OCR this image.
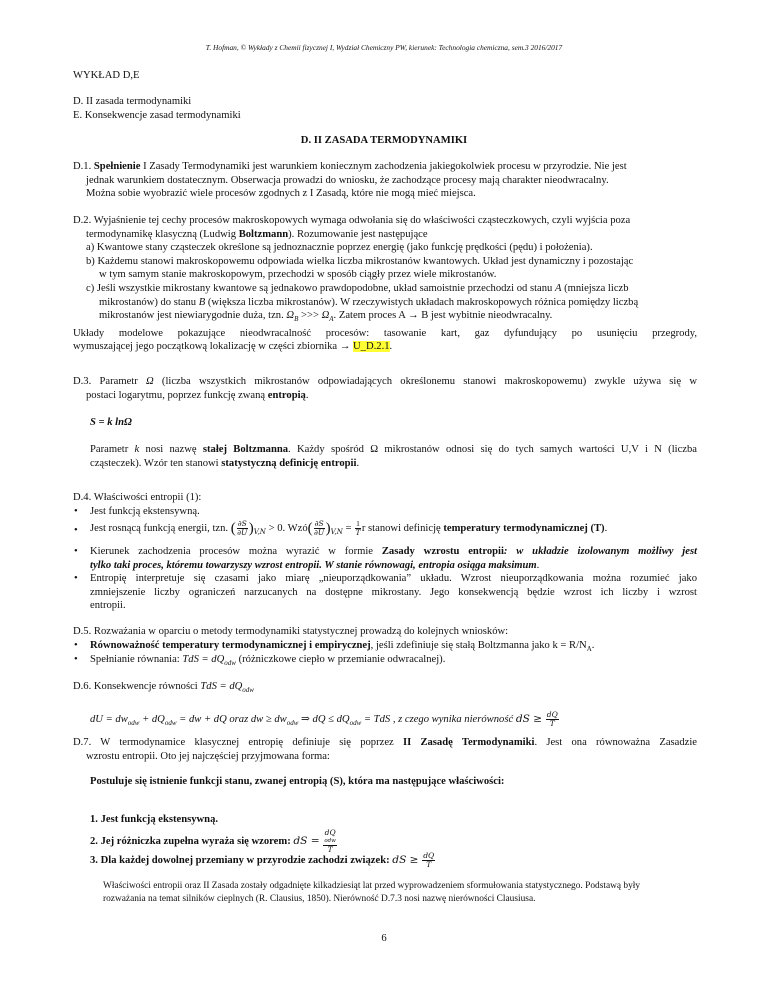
T. Hofman, © Wykłady z Chemii fizycznej I, Wydział Chemiczny PW, kierunek: Technologia chemiczna, sem.3 2016/2017
WYKŁAD D,E
D. II zasada termodynamiki
E. Konsekwencje zasad termodynamiki
D. II ZASADA TERMODYNAMIKI
D.1. Spełnienie I Zasady Termodynamiki jest warunkiem koniecznym zachodzenia jakiegokolwiek procesu w przyrodzie. Nie jest
jednak warunkiem dostatecznym. Obserwacja prowadzi do wniosku, że zachodzące procesy mają charakter nieodwracalny.
Można sobie wyobrazić wiele procesów zgodnych z I Zasadą, które nie mogą mieć miejsca.
D.2. Wyjaśnienie tej cechy procesów makroskopowych wymaga odwołania się do właściwości cząsteczkowych, czyli wyjścia poza
termodynamikę klasyczną (Ludwig Boltzmann). Rozumowanie jest następujące
a) Kwantowe stany cząsteczek określone są jednoznacznie poprzez energię (jako funkcję prędkości (pędu) i położenia).
b) Każdemu stanowi makroskopowemu odpowiada wielka liczba mikrostanów kwantowych. Układ jest dynamiczny i pozostając
w tym samym stanie makroskopowym, przechodzi w sposób ciągły przez wiele mikrostanów.
c) Jeśli wszystkie mikrostany kwantowe są jednakowo prawdopodobne, układ samoistnie przechodzi od stanu A (mniejsza liczb
mikrostanów) do stanu B (większa liczba mikrostanów). W rzeczywistych układach makroskopowych różnica pomiędzy liczbą
mikrostanów jest niewiarygodnie duża, tzn. $\Omega_B$ >>> $\Omega_A$. Zatem proces A → B jest wybitnie nieodwracalny.
Układy modelowe pokazujące nieodwracalność procesów: tasowanie kart, gaz dyfundujący po usunięciu przegrody,
wymuszającej jego początkową lokalizację w części zbiornika → U_D.2.1.
D.3. Parametr Ω (liczba wszystkich mikrostanów odpowiadających określonemu stanowi makroskopowemu) zwykle używa się w
postaci logarytmu, poprzez funkcję zwaną entropią.
S = k lnΩ
Parametr k nosi nazwę stałej Boltzmanna. Każdy spośród Ω mikrostanów odnosi się do tych samych wartości U,V i N (liczba
cząsteczek). Wzór ten stanowi statystyczną definicję entropii.
D.4. Właściwości entropii (1):
• Jest funkcją ekstensywną.
• Jest rosnącą funkcją energii, tzn. ( $\frac{\partial S}{\partial U} )_{V,N} > 0$. Wzó( $\frac{\partial S}{\partial U} )_{V,N} = \frac{1}{T}$ r stanowi definicję temperatury termodynamicznej (T).
• Kierunek zachodzenia procesów można wyrazić w formie Zasady wzrostu entropii: w układzie izolowanym możliwy jest
tylko taki proces, któremu towarzyszy wzrost entropii. W stanie równowagi, entropia osiąga maksimum.
• Entropię interpretuje się czasami jako miarę „nieuporządkowania” układu. Wzrost nieuporządkowania można rozumieć jako
zmniejszenie liczby ograniczeń narzucanych na dostępne mikrostany. Jego konsekwencją będzie wzrost ich liczby i wzrost
entropii.
D.5. Rozważania w oparciu o metody termodynamiki statystycznej prowadzą do kolejnych wniosków:
• Równoważność temperatury termodynamicznej i empirycznej, jeśli zdefiniuje się stałą Boltzmanna jako $k = R/N_A$.
• Spełnianie równania: TdS = $dQ_{odw}$ (różniczkowe ciepło w przemianie odwracalnej).
D.6. Konsekwencje równości TdS = $dQ_{odw}$
dU = $dw_{odw} + dQ_{odw}$ = dw + dQ oraz dw ≥ $dw_{odw}$ ⇒ dQ ≤ $dQ_{odw}$ = TdS , z czego wynika nierówność dS ≥ $\frac{dQ}{T}$
D.7. W termodynamice klasycznej entropię definiuje się poprzez II Zasadę Termodynamiki. Jest ona równoważna Zasadzie
wzrostu entropii. Oto jej najczęściej przyjmowana forma:
Postuluje się istnienie funkcji stanu, zwanej entropią (S), która ma następujące właściwości:
1. Jest funkcją ekstensywną.
2. Jej różniczka zupełna wyraża się wzorem: dS = dQ
odw
T
3. Dla każdej dowolnej przemiany w przyrodzie zachodzi związek: dS ≥ $\frac{dQ}{T}$
Właściwości entropii oraz II Zasada zostały odgadnięte kilkadziesiąt lat przed wyprowadzeniem sformułowania statystycznego. Podstawą były
rozważania na temat silników cieplnych (R. Clausius, 1850). Nierówność D.7.3 nosi nazwę nierówności Clausiusa.
6
